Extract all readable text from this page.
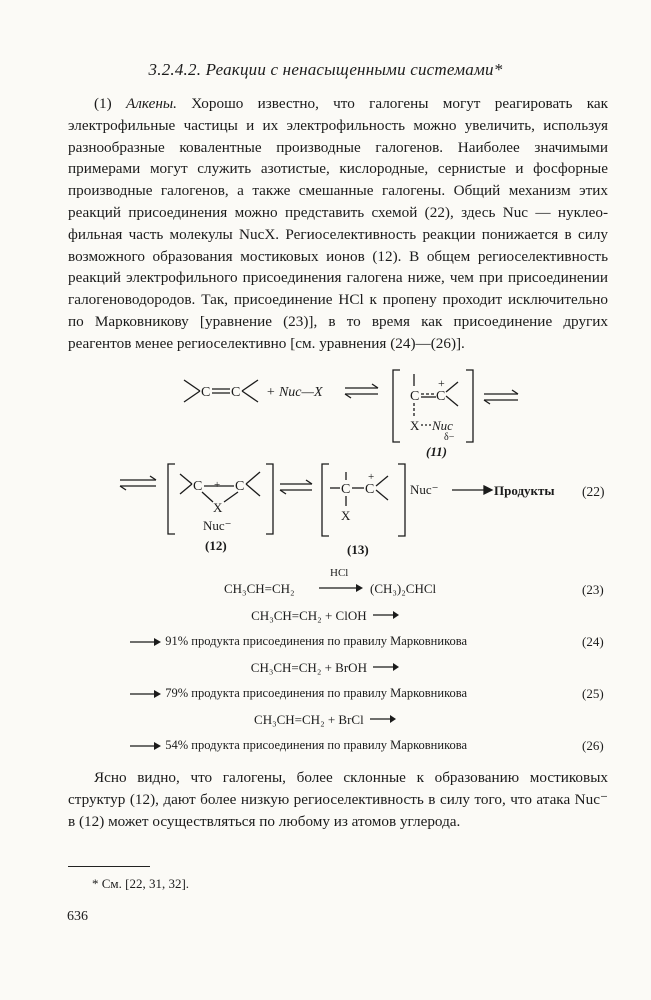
3.2.4.2. Реакции с ненасыщенными системами*

(1) Алкены. Хорошо известно, что галогены могут реагировать как электрофильные частицы и их электрофильность можно увеличить, используя разнообразные ковалентные производные галогенов. Наиболее значимыми примерами могут служить азотистые, кислородные, сернистые и фосфорные производные галогенов, а также смешанные галогены. Общий механизм этих реакций присоединения можно представить схемой (22), здесь Nuc — нуклеофильная часть молекулы NucX. Региоселективность реакции понижается в силу возможного образования мостиковых ионов (12). В общем региоселективность реакций электрофильного присоединения галогена ниже, чем при присоединении галогеноводородов. Так, присоединение HCl к пропену проходит исключительно по Марковникову [уравнение (23)], в то время как присоединение других реагентов менее региоселективно [см. уравнения (24)—(26)].

C C + Nuc—X	C C
+
X Nuc
δ−
(11)
C C
+
X
Nuc⁻
(12)
C C
+
X
(13)
Nuc⁻	Продукты (22)
CH₃CH=CH₂
HCl
(CH₃)₂CHCl	(23)
CH₃CH=CH₂ + ClOH
91% продукта присоединения по правилу Марковникова	(24)
CH₃CH=CH₂ + BrOH
79% продукта присоединения по правилу Марковникова	(25)
CH₃CH=CH₂ + BrCl
54% продукта присоединения по правилу Марковникова	(26)

Ясно видно, что галогены, более склонные к образованию мостиковых структур (12), дают более низкую региоселективность в силу того, что атака Nuc⁻ в (12) может осуществляться по любому из атомов углерода.

* См. [22, 31, 32].
636
